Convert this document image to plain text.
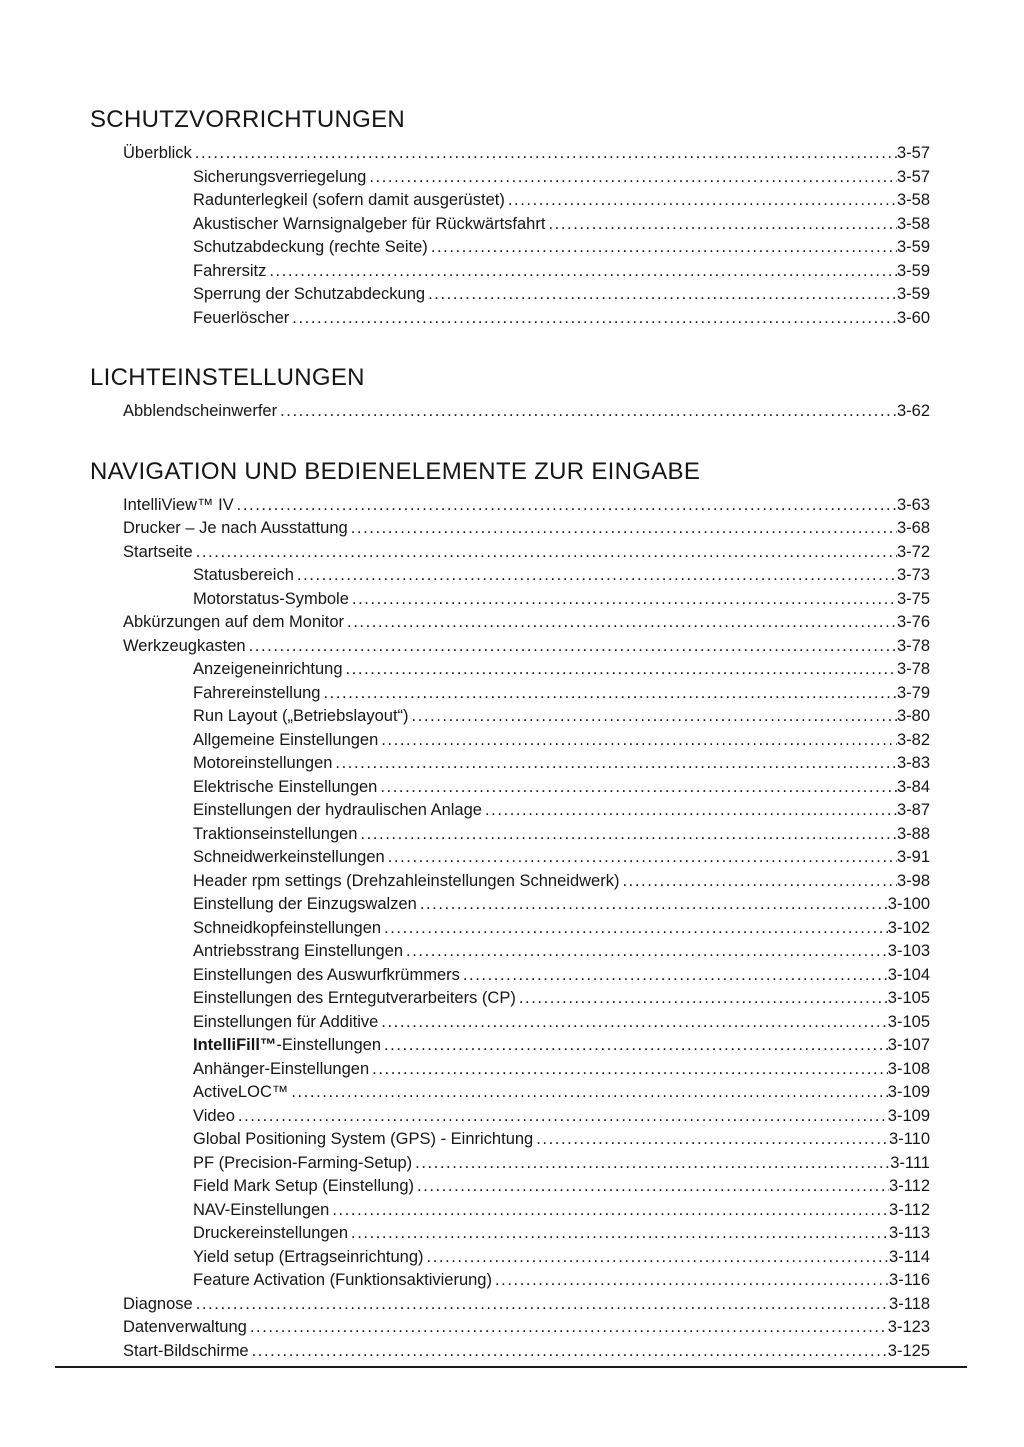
SCHUTZVORRICHTUNGEN
Überblick .....	3-57
Sicherungsverriegelung .....	3-57
Radunterlegkeil (sofern damit ausgerüstet) .....	3-58
Akustischer Warnsignalgeber für Rückwärtsfahrt .....	3-58
Schutzabdeckung (rechte Seite) .....	3-59
Fahrersitz .....	3-59
Sperrung der Schutzabdeckung .....	3-59
Feuerlöscher .....	3-60
LICHTEINSTELLUNGEN
Abblendscheinwerfer .....	3-62
NAVIGATION UND BEDIENELEMENTE ZUR EINGABE
IntelliView™ IV .....	3-63
Drucker – Je nach Ausstattung .....	3-68
Startseite .....	3-72
Statusbereich .....	3-73
Motorstatus-Symbole .....	3-75
Abkürzungen auf dem Monitor .....	3-76
Werkzeugkasten .....	3-78
Anzeigeneinrichtung .....	3-78
Fahrereinstellung .....	3-79
Run Layout („Betriebslayout“) .....	3-80
Allgemeine Einstellungen .....	3-82
Motoreinstellungen .....	3-83
Elektrische Einstellungen .....	3-84
Einstellungen der hydraulischen Anlage .....	3-87
Traktionseinstellungen .....	3-88
Schneidwerkeinstellungen .....	3-91
Header rpm settings (Drehzahleinstellungen Schneidwerk) .....	3-98
Einstellung der Einzugswalzen .....	3-100
Schneidkopfeinstellungen .....	3-102
Antriebsstrang Einstellungen .....	3-103
Einstellungen des Auswurfkrümmers .....	3-104
Einstellungen des Erntegutverarbeiters (CP) .....	3-105
Einstellungen für Additive .....	3-105
IntelliFill™-Einstellungen .....	3-107
Anhänger-Einstellungen .....	3-108
ActiveLOC™ .....	3-109
Video .....	3-109
Global Positioning System (GPS) - Einrichtung .....	3-110
PF (Precision-Farming-Setup) .....	3-111
Field Mark Setup (Einstellung) .....	3-112
NAV-Einstellungen .....	3-112
Druckereinstellungen .....	3-113
Yield setup (Ertragseinrichtung) .....	3-114
Feature Activation (Funktionsaktivierung) .....	3-116
Diagnose .....	3-118
Datenverwaltung .....	3-123
Start-Bildschirme .....	3-125
